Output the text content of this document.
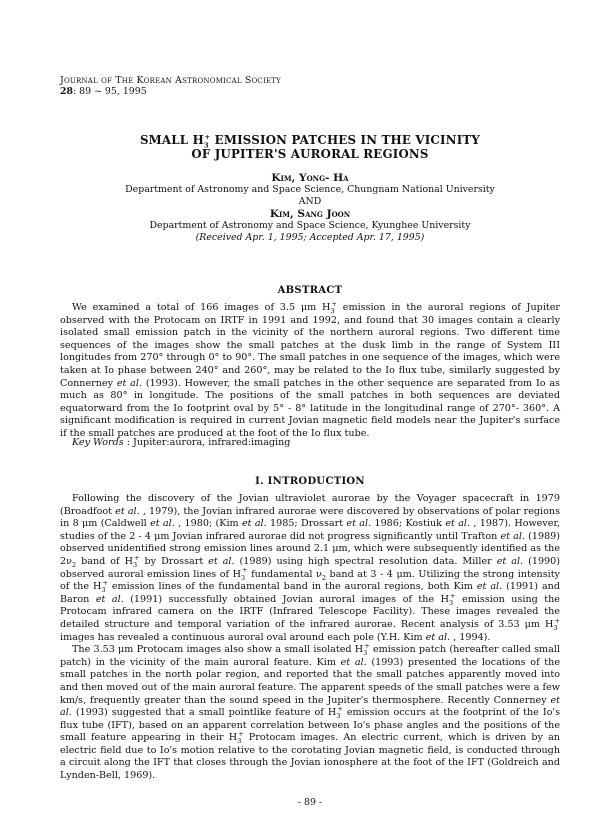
Journal of The Korean Astronomical Society
28: 89 ~ 95, 1995
SMALL $H_3^+$ EMISSION PATCHES IN THE VICINITY
OF JUPITER'S AURORAL REGIONS
Kim, Yong- Ha
Department of Astronomy and Space Science, Chungnam National University
AND
Kim, Sang Joon
Department of Astronomy and Space Science, Kyunghee University
(Received Apr. 1, 1995; Accepted Apr. 17, 1995)
ABSTRACT

We examined a total of 166 images of 3.5 μm $H_3^+$ emission in the auroral regions of Jupiter observed with the Protocam on IRTF in 1991 and 1992, and found that 30 images contain a clearly isolated small emission patch in the vicinity of the northern auroral regions. Two different time sequences of the images show the small patches at the dusk limb in the range of System III longitudes from 270° through 0° to 90°. The small patches in one sequence of the images, which were taken at Io phase between 240° and 260°, may be related to the Io flux tube, similarly suggested by Connerney et al. (1993). However, the small patches in the other sequence are separated from Io as much as 80° in longitude. The positions of the small patches in both sequences are deviated equatorward from the Io footprint oval by 5° - 8° latitude in the longitudinal range of 270°- 360°. A significant modification is required in current Jovian magnetic field models near the Jupiter's surface if the small patches are produced at the foot of the Io flux tube.

Key Words : Jupiter:aurora, infrared:imaging
I. INTRODUCTION

Following the discovery of the Jovian ultraviolet aurorae by the Voyager spacecraft in 1979 (Broadfoot et al. , 1979), the Jovian infrared aurorae were discovered by observations of polar regions in 8 μm (Caldwell et al. , 1980; (Kim et al. 1985; Drossart et al. 1986; Kostiuk et al. , 1987). However, studies of the 2 - 4 μm Jovian infrared aurorae did not progress significantly until Trafton et al. (1989) observed unidentified strong emission lines around 2.1 μm, which were subsequently identified as the $2\nu_2$ band of $H_3^+$ by Drossart et al. (1989) using high spectral resolution data. Miller et al. (1990) observed auroral emission lines of $H_3^+$ fundamental $\nu_2$ band at 3 - 4 μm. Utilizing the strong intensity of the $H_3^+$ emission lines of the fundamental band in the auroral regions, both Kim et al. (1991) and Baron et al. (1991) successfully obtained Jovian auroral images of the $H_3^+$ emission using the Protocam infrared camera on the IRTF (Infrared Telescope Facility). These images revealed the detailed structure and temporal variation of the infrared aurorae. Recent analysis of 3.53 μm $H_3^+$ images has revealed a continuous auroral oval around each pole (Y.H. Kim et al. , 1994).

The 3.53 μm Protocam images also show a small isolated $H_3^+$ emission patch (hereafter called small patch) in the vicinity of the main auroral feature. Kim et al. (1993) presented the locations of the small patches in the north polar region, and reported that the small patches apparently moved into and then moved out of the main auroral feature. The apparent speeds of the small patches were a few km/s, frequently greater than the sound speed in the Jupiter's thermosphere. Recently Connerney et al. (1993) suggested that a small pointlike feature of $H_3^+$ emission occurs at the footprint of the Io's flux tube (IFT), based on an apparent correlation between Io's phase angles and the positions of the small feature appearing in their $H_3^+$ Protocam images. An electric current, which is driven by an electric field due to Io's motion relative to the corotating Jovian magnetic field, is conducted through a circuit along the IFT that closes through the Jovian ionosphere at the foot of the IFT (Goldreich and Lynden-Bell, 1969).

- 89 -
